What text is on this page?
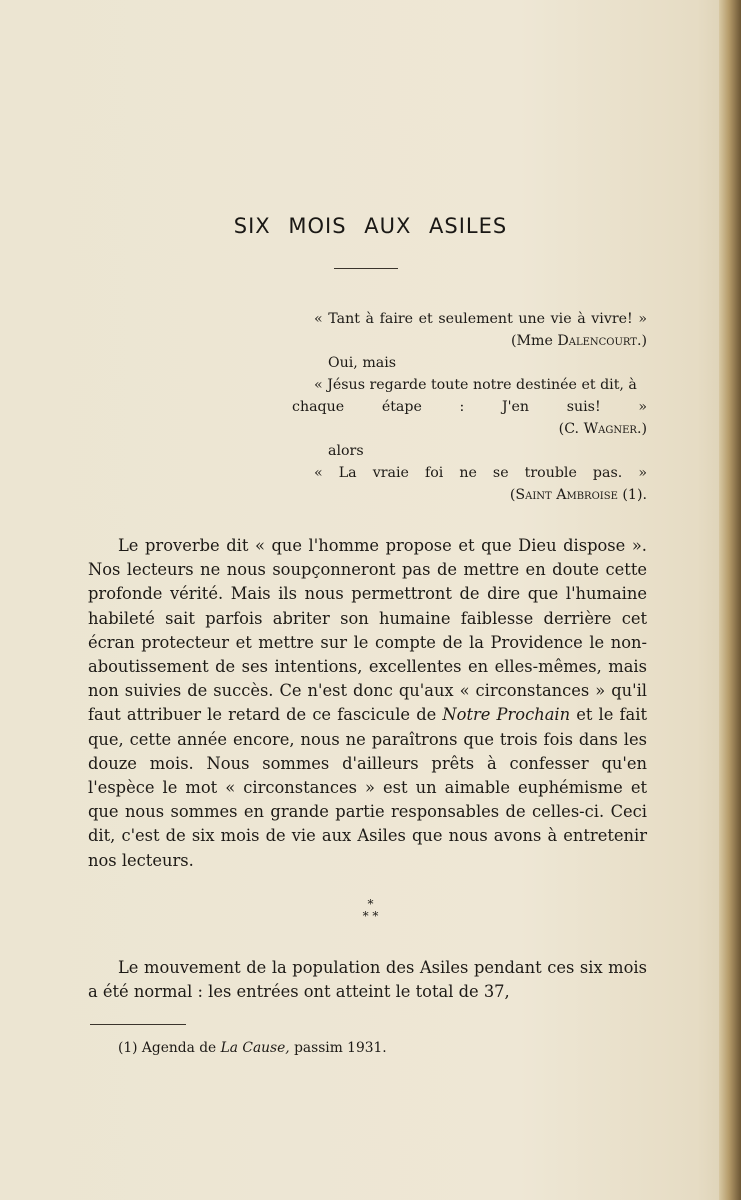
SIX MOIS AUX ASILES

« Tant à faire et seulement une vie à vivre! »

(Mme Dalencourt.)

Oui, mais

« Jésus regarde toute notre destinée et dit, à chaque étape : J'en suis! »

(C. Wagner.)

alors

« La vraie foi ne se trouble pas. »

(Saint Ambroise (1).

Le proverbe dit « que l'homme propose et que Dieu dispose ». Nos lecteurs ne nous soupçonneront pas de mettre en doute cette profonde vérité. Mais ils nous permettront de dire que l'humaine habileté sait parfois abriter son humaine faiblesse derrière cet écran protecteur et mettre sur le compte de la Providence le non-aboutissement de ses intentions, excellentes en elles-mêmes, mais non suivies de succès. Ce n'est donc qu'aux « circonstances » qu'il faut attribuer le retard de ce fascicule de Notre Prochain et le fait que, cette année encore, nous ne paraîtrons que trois fois dans les douze mois. Nous sommes d'ailleurs prêts à confesser qu'en l'espèce le mot « circonstances » est un aimable euphémisme et que nous sommes en grande partie responsables de celles-ci. Ceci dit, c'est de six mois de vie aux Asiles que nous avons à entretenir nos lecteurs.

*
* *

Le mouvement de la population des Asiles pendant ces six mois a été normal : les entrées ont atteint le total de 37,

(1) Agenda de La Cause, passim 1931.
